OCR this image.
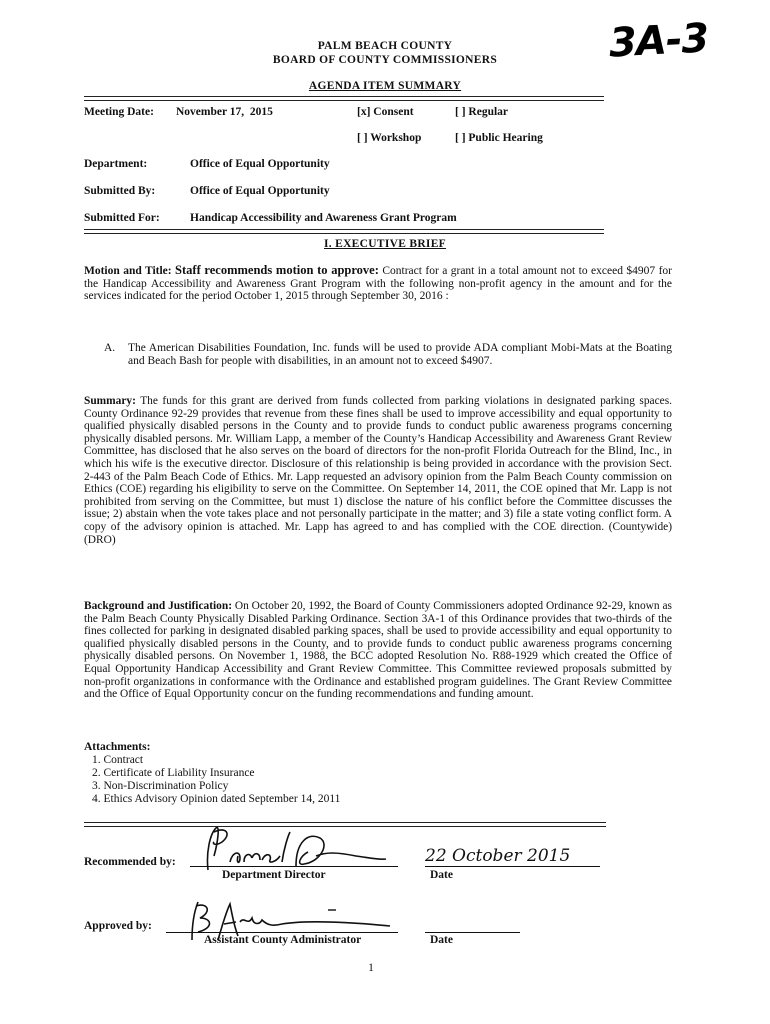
PALM BEACH COUNTY
BOARD OF COUNTY COMMISSIONERS	3A-3
AGENDA ITEM SUMMARY
Meeting Date: November 17,  2015	[x] Consent	[ ] Regular
[ ] Workshop	[ ] Public Hearing
Department:	Office of Equal Opportunity
Submitted By:	Office of Equal Opportunity
Submitted For:	Handicap Accessibility and Awareness Grant Program
I. EXECUTIVE BRIEF
Motion and Title: Staff recommends motion to approve: Contract for a grant in a total amount not to exceed $4907 for the Handicap Accessibility and Awareness Grant Program with the following non-profit agency in the amount and for the services indicated for the period October 1, 2015 through September 30, 2016 :
A. The American Disabilities Foundation, Inc. funds will be used to provide ADA compliant Mobi-Mats at the Boating and Beach Bash for people with disabilities, in an amount not to exceed $4907.
Summary: The funds for this grant are derived from funds collected from parking violations in designated parking spaces. County Ordinance 92-29 provides that revenue from these fines shall be used to improve accessibility and equal opportunity to qualified physically disabled persons in the County and to provide funds to conduct public awareness programs concerning physically disabled persons. Mr. William Lapp, a member of the County’s Handicap Accessibility and Awareness Grant Review Committee, has disclosed that he also serves on the board of directors for the non-profit Florida Outreach for the Blind, Inc., in which his wife is the executive director. Disclosure of this relationship is being provided in accordance with the provision Sect. 2-443 of the Palm Beach Code of Ethics. Mr. Lapp requested an advisory opinion from the Palm Beach County commission on Ethics (COE) regarding his eligibility to serve on the Committee. On September 14, 2011, the COE opined that Mr. Lapp is not prohibited from serving on the Committee, but must 1) disclose the nature of his conflict before the Committee discusses the issue; 2) abstain when the vote takes place and not personally participate in the matter; and 3) file a state voting conflict form. A copy of the advisory opinion is attached. Mr. Lapp has agreed to and has complied with the COE direction. (Countywide) (DRO)
Background and Justification: On October 20, 1992, the Board of County Commissioners adopted Ordinance 92-29, known as the Palm Beach County Physically Disabled Parking Ordinance. Section 3A-1 of this Ordinance provides that two-thirds of the fines collected for parking in designated disabled parking spaces, shall be used to provide accessibility and equal opportunity to qualified physically disabled persons in the County, and to provide funds to conduct public awareness programs concerning physically disabled persons. On November 1, 1988, the BCC adopted Resolution No. R88-1929 which created the Office of Equal Opportunity Handicap Accessibility and Grant Review Committee. This Committee reviewed proposals submitted by non-profit organizations in conformance with the Ordinance and established program guidelines. The Grant Review Committee and the Office of Equal Opportunity concur on the funding recommendations and funding amount.
Attachments:
1. Contract
2. Certificate of Liability Insurance
3. Non-Discrimination Policy
4. Ethics Advisory Opinion dated September 14, 2011
Recommended by:
Department Director
22 October 2015
Date
Approved by:
Assistant County Administrator	Date
1
